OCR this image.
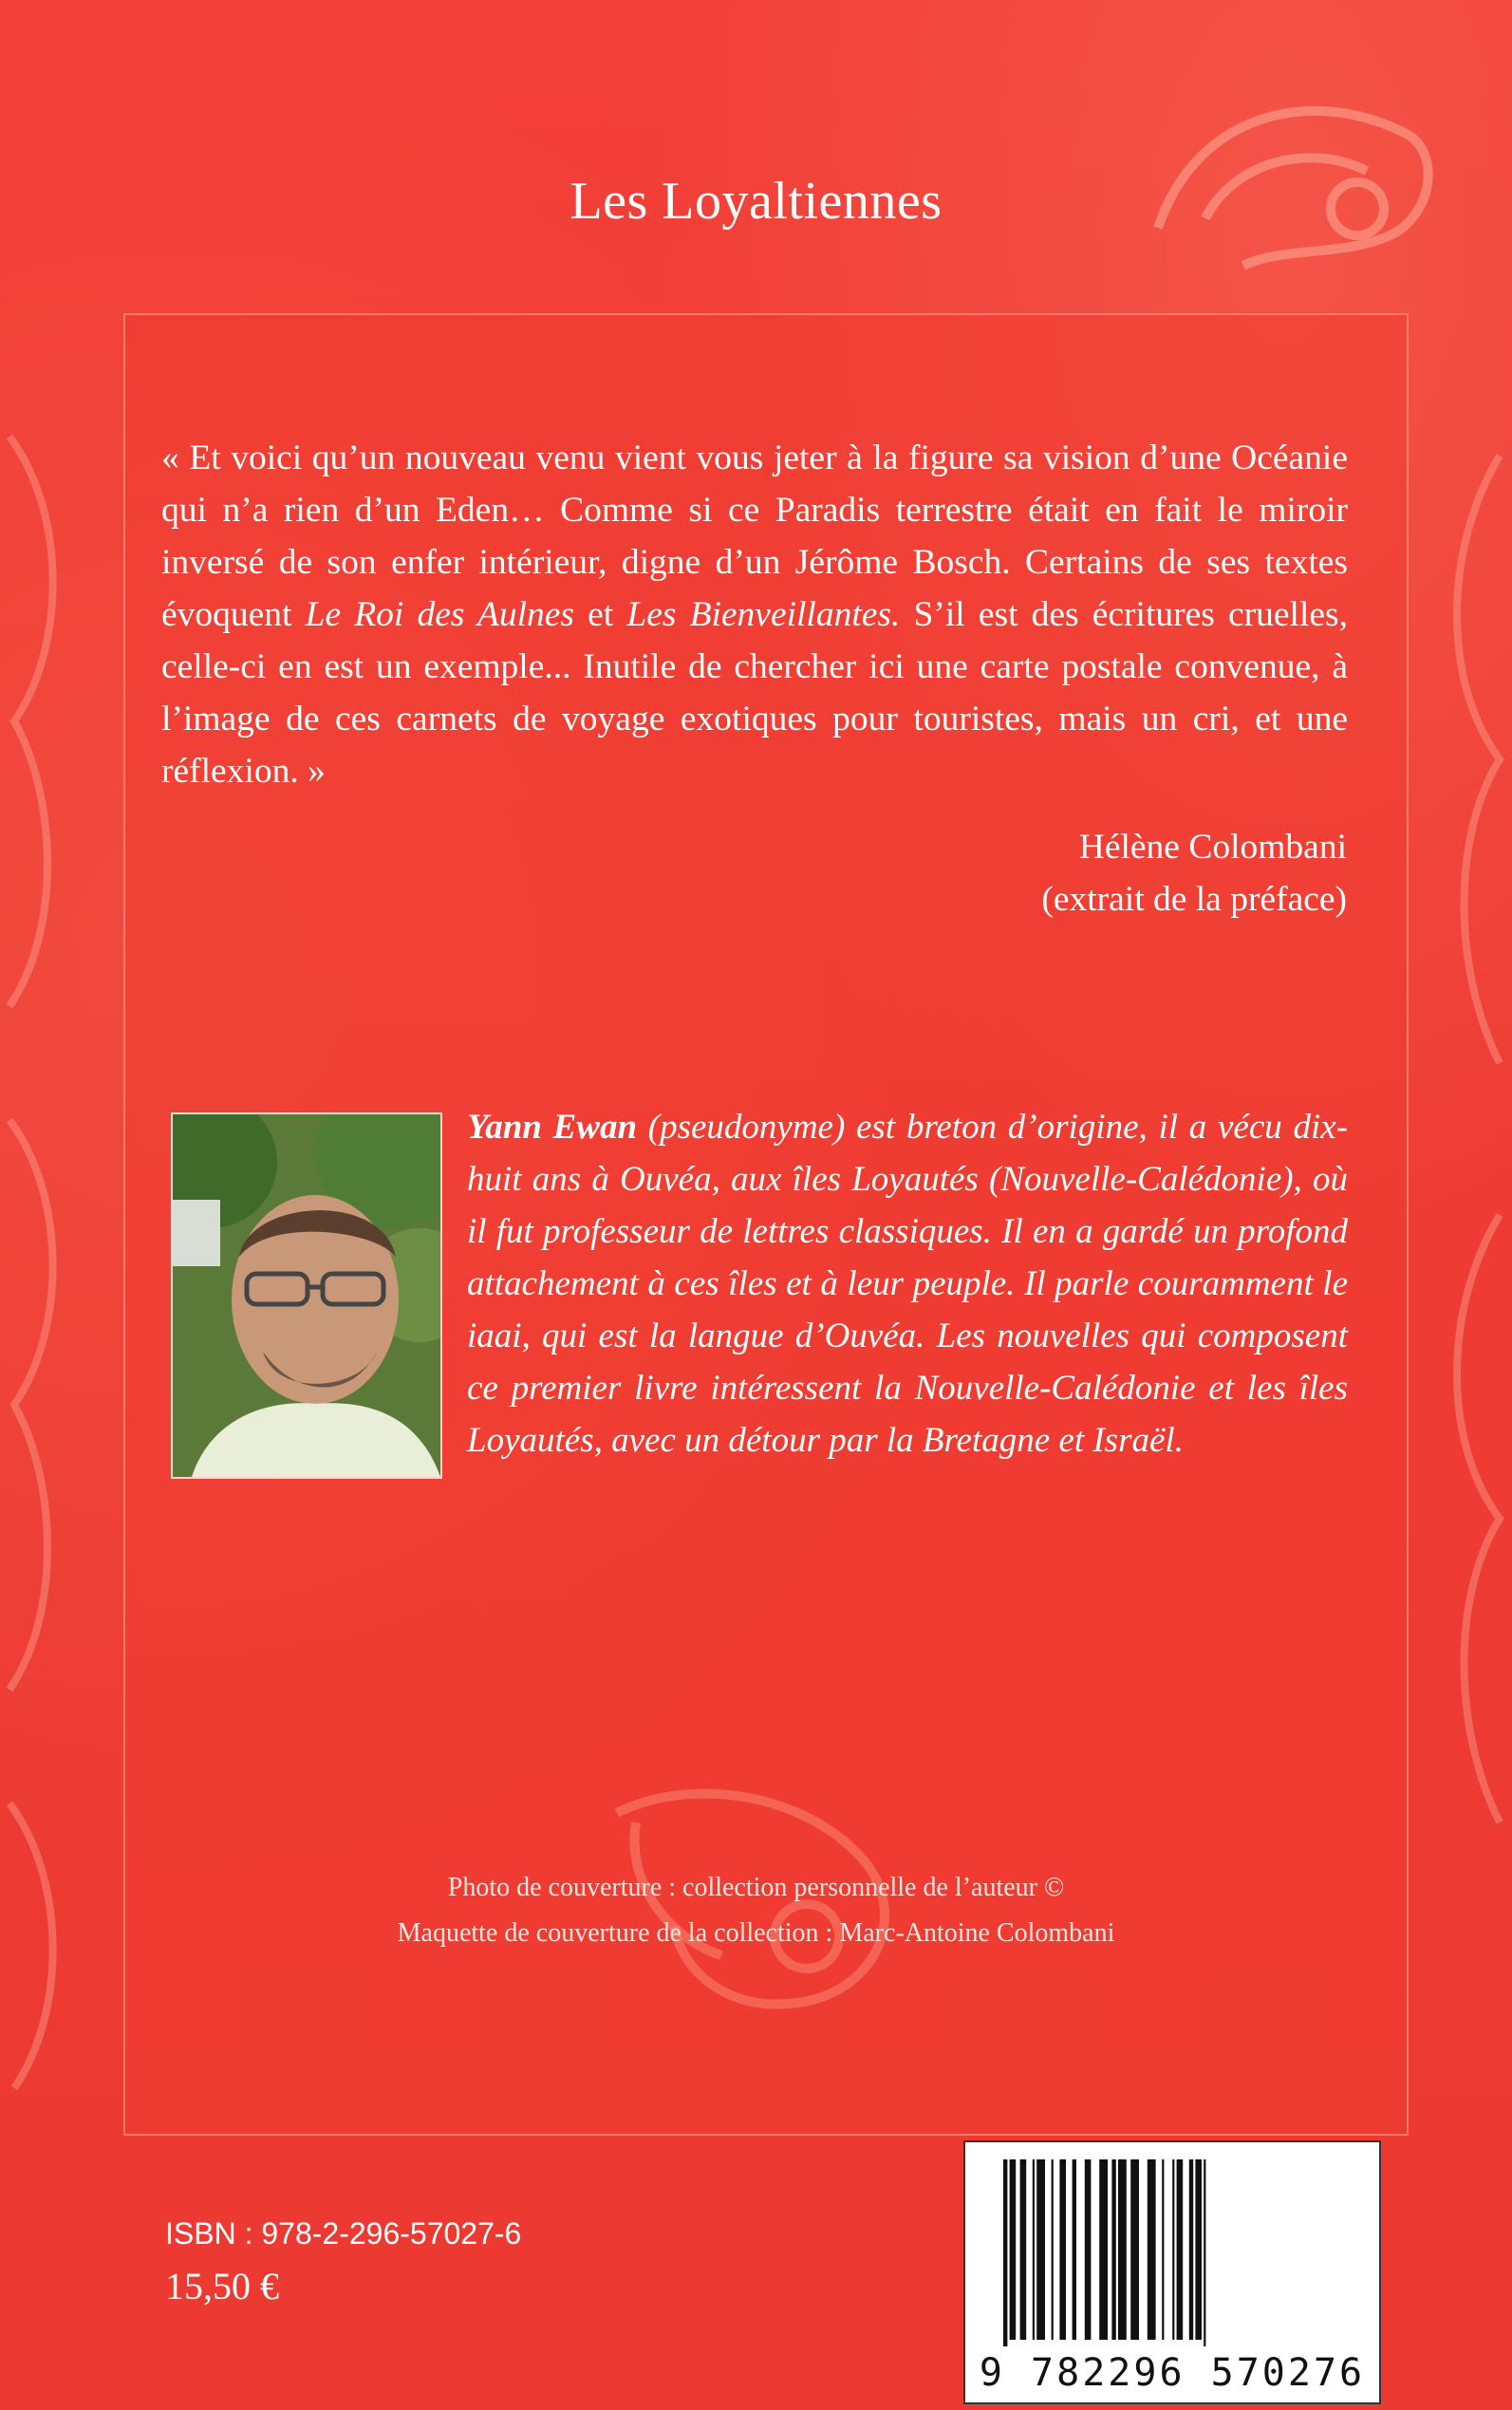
Les Loyaltiennes

« Et voici qu’un nouveau venu vient vous jeter à la figure sa vision d’une Océanie qui n’a rien d’un Eden… Comme si ce Paradis terrestre était en fait le miroir inversé de son enfer intérieur, digne d’un Jérôme Bosch. Certains de ses textes évoquent Le Roi des Aulnes et Les Bienveillantes. S’il est des écritures cruelles, celle-ci en est un exemple... Inutile de chercher ici une carte postale convenue, à l’image de ces carnets de voyage exotiques pour touristes, mais un cri, et une réflexion. »

Hélène Colombani
(extrait de la préface)
Yann Ewan (pseudonyme) est breton d’origine, il a vécu dix-huit ans à Ouvéa, aux îles Loyautés (Nouvelle-Calédonie), où il fut professeur de lettres classiques. Il en a gardé un profond attachement à ces îles et à leur peuple. Il parle couramment le iaai, qui est la langue d’Ouvéa. Les nouvelles qui composent ce premier livre intéressent la Nouvelle-Calédonie et les îles Loyautés, avec un détour par la Bretagne et Israël.
Photo de couverture : collection personnelle de l’auteur ©
Maquette de couverture de la collection : Marc-Antoine Colombani
ISBN : 978-2-296-57027-6
15,50 €
9 782296 570276
